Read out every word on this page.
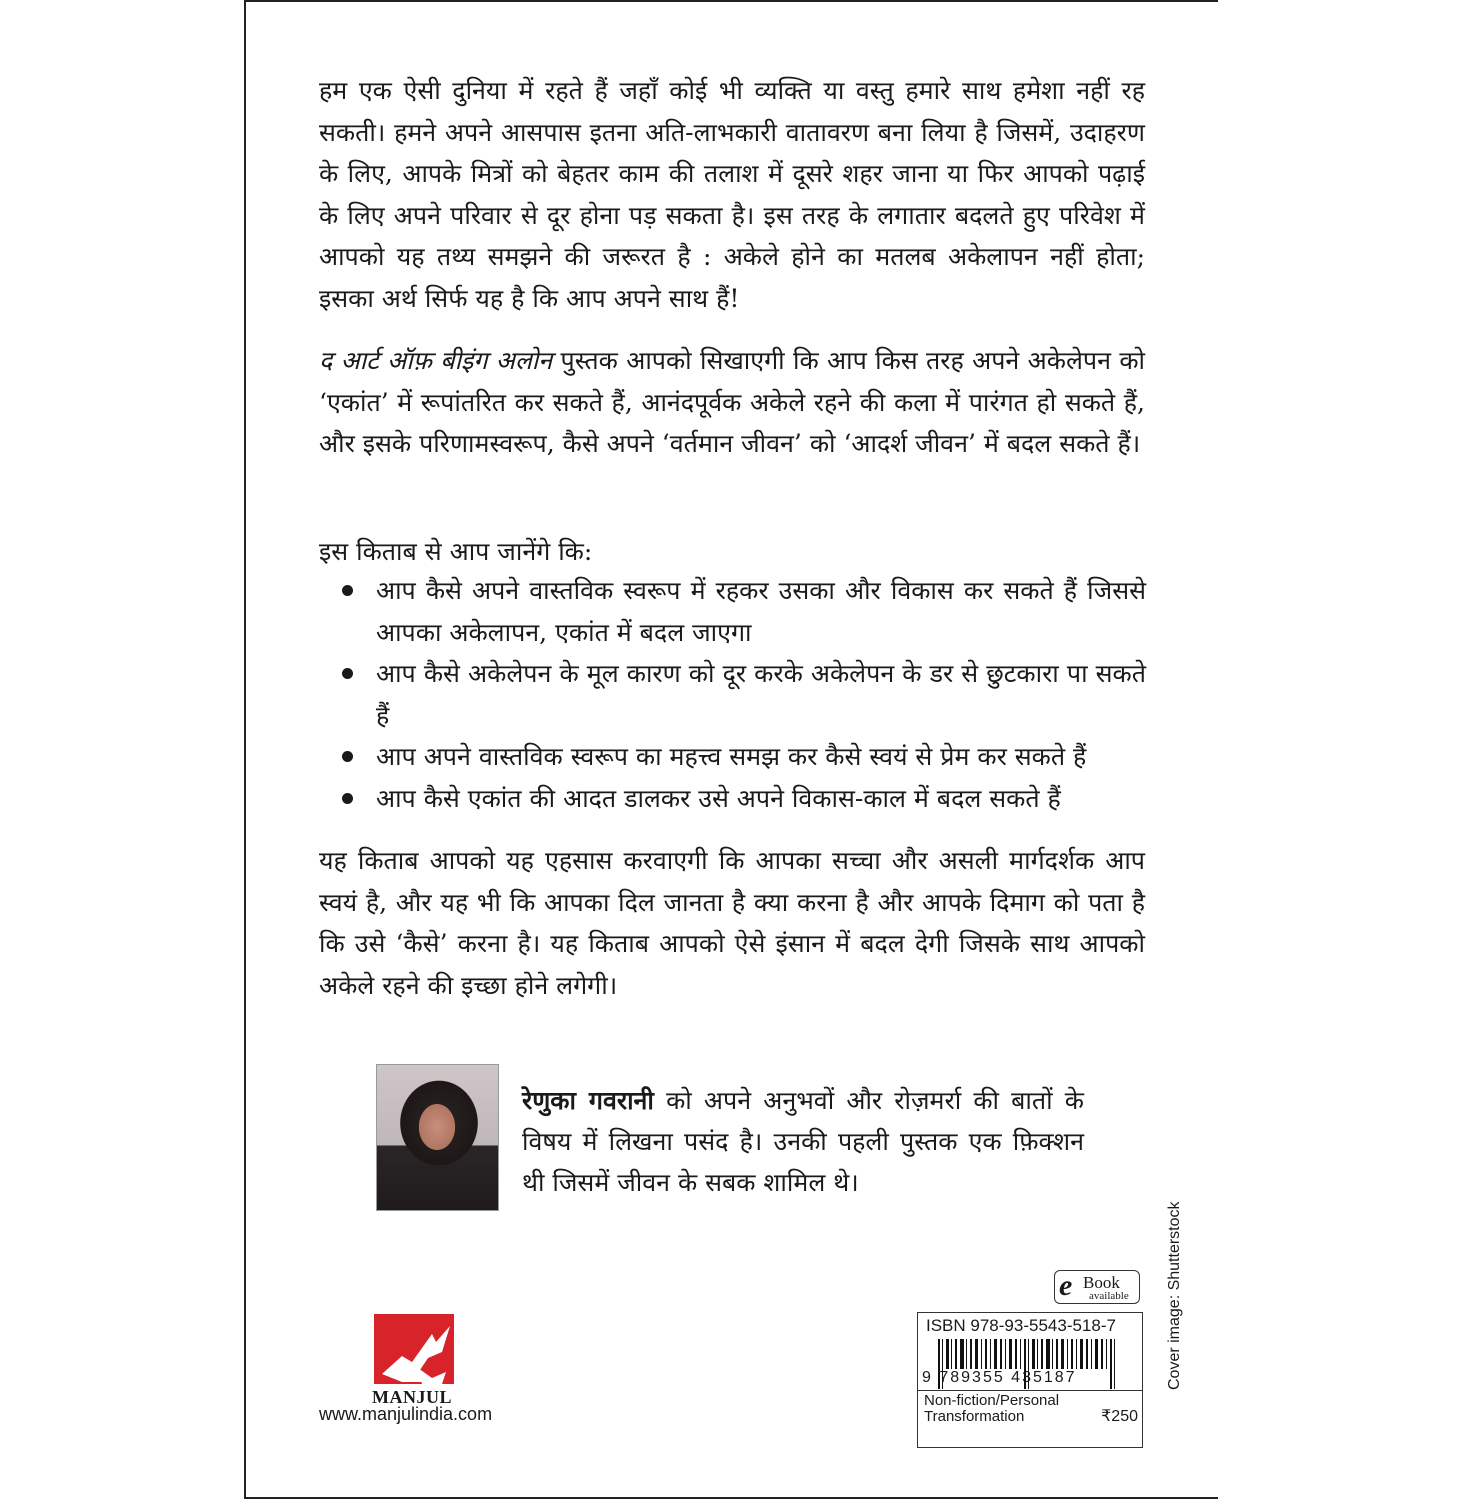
हम एक ऐसी दुनिया में रहते हैं जहाँ कोई भी व्यक्ति या वस्तु हमारे साथ हमेशा नहीं रह सकती। हमने अपने आसपास इतना अति-लाभकारी वातावरण बना लिया है जिसमें, उदाहरण के लिए, आपके मित्रों को बेहतर काम की तलाश में दूसरे शहर जाना या फिर आपको पढ़ाई के लिए अपने परिवार से दूर होना पड़ सकता है। इस तरह के लगातार बदलते हुए परिवेश में आपको यह तथ्य समझने की जरूरत है : अकेले होने का मतलब अकेलापन नहीं होता; इसका अर्थ सिर्फ यह है कि आप अपने साथ हैं!

द आर्ट ऑफ़ बीइंग अलोन पुस्तक आपको सिखाएगी कि आप किस तरह अपने अकेलेपन को ‘एकांत’ में रूपांतरित कर सकते हैं, आनंदपूर्वक अकेले रहने की कला में पारंगत हो सकते हैं, और इसके परिणामस्वरूप, कैसे अपने ‘वर्तमान जीवन’ को ‘आदर्श जीवन’ में बदल सकते हैं।

इस किताब से आप जानेंगे कि:

आप कैसे अपने वास्तविक स्वरूप में रहकर उसका और विकास कर सकते हैं जिससे आपका अकेलापन, एकांत में बदल जाएगा
आप कैसे अकेलेपन के मूल कारण को दूर करके अकेलेपन के डर से छुटकारा पा सकते हैं
आप अपने वास्तविक स्वरूप का महत्त्व समझ कर कैसे स्वयं से प्रेम कर सकते हैं
आप कैसे एकांत की आदत डालकर उसे अपने विकास-काल में बदल सकते हैं

यह किताब आपको यह एहसास करवाएगी कि आपका सच्चा और असली मार्गदर्शक आप स्वयं है, और यह भी कि आपका दिल जानता है क्या करना है और आपके दिमाग को पता है कि उसे ‘कैसे’ करना है। यह किताब आपको ऐसे इंसान में बदल देगी जिसके साथ आपको अकेले रहने की इच्छा होने लगेगी।

रेणुका गवरानी को अपने अनुभवों और रोज़मर्रा की बातों के विषय में लिखना पसंद है। उनकी पहली पुस्तक एक फ़िक्शन थी जिसमें जीवन के सबक शामिल थे।

MANJUL
www.manjulindia.com
e Book
available
ISBN 978-93-5543-518-7
9 789355 435187
Non-fiction/Personal Transformation	₹250
Cover image: Shutterstock
